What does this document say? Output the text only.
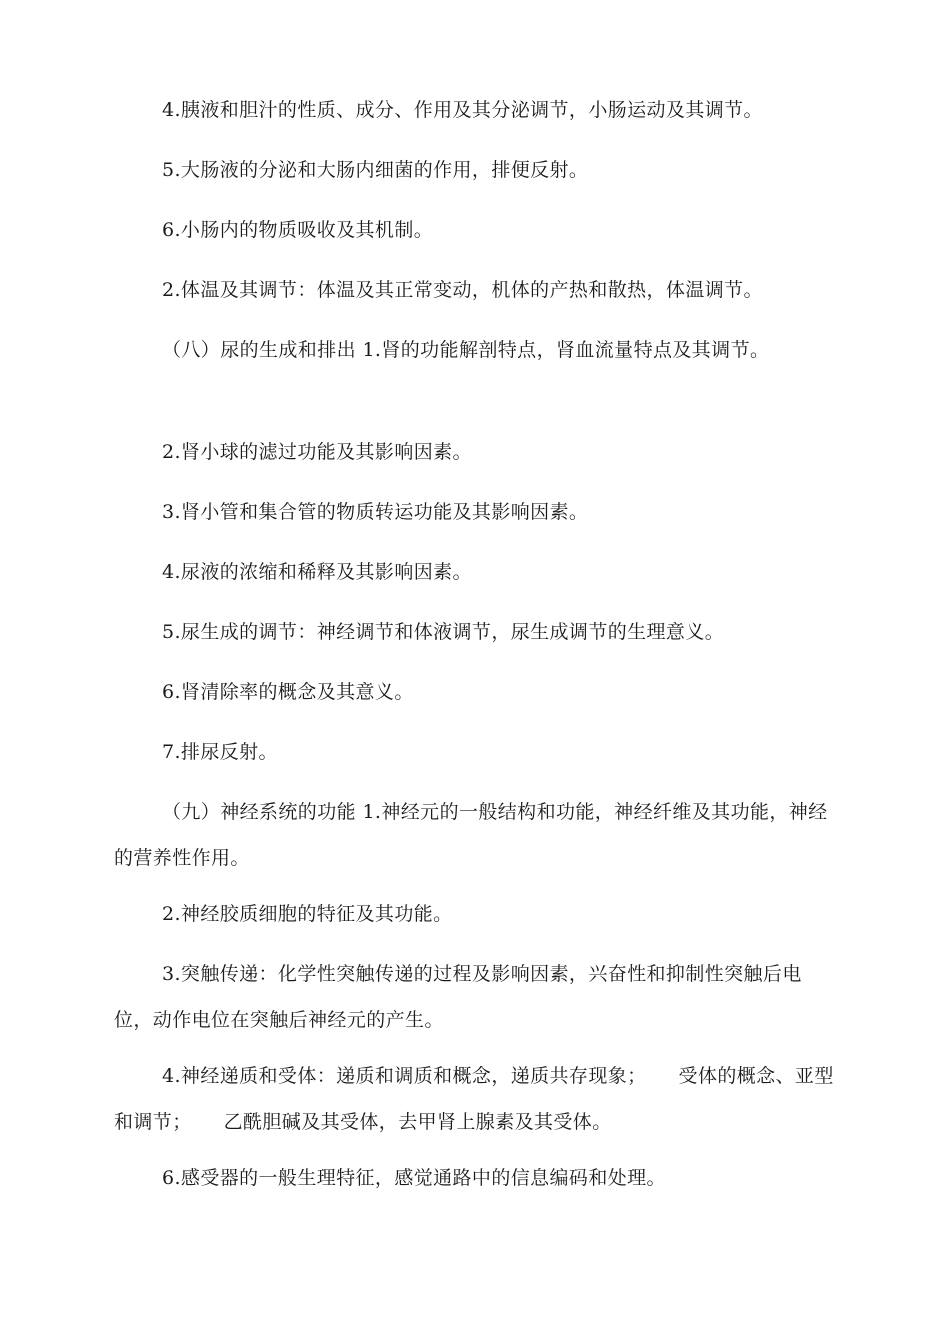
4.胰液和胆汁的性质、成分、作用及其分泌调节，小肠运动及其调节。

5.大肠液的分泌和大肠内细菌的作用，排便反射。

6.小肠内的物质吸收及其机制。

2.体温及其调节：体温及其正常变动，机体的产热和散热，体温调节。

（八）尿的生成和排出 1.肾的功能解剖特点，肾血流量特点及其调节。

2.肾小球的滤过功能及其影响因素。

3.肾小管和集合管的物质转运功能及其影响因素。

4.尿液的浓缩和稀释及其影响因素。

5.尿生成的调节：神经调节和体液调节，尿生成调节的生理意义。

6.肾清除率的概念及其意义。

7.排尿反射。

（九）神经系统的功能 1.神经元的一般结构和功能，神经纤维及其功能，神经的营养性作用。

2.神经胶质细胞的特征及其功能。

3.突触传递：化学性突触传递的过程及影响因素，兴奋性和抑制性突触后电位，动作电位在突触后神经元的产生。

4.神经递质和受体：递质和调质和概念，递质共存现象； 受体的概念、亚型和调节； 乙酰胆碱及其受体，去甲肾上腺素及其受体。

6.感受器的一般生理特征，感觉通路中的信息编码和处理。
